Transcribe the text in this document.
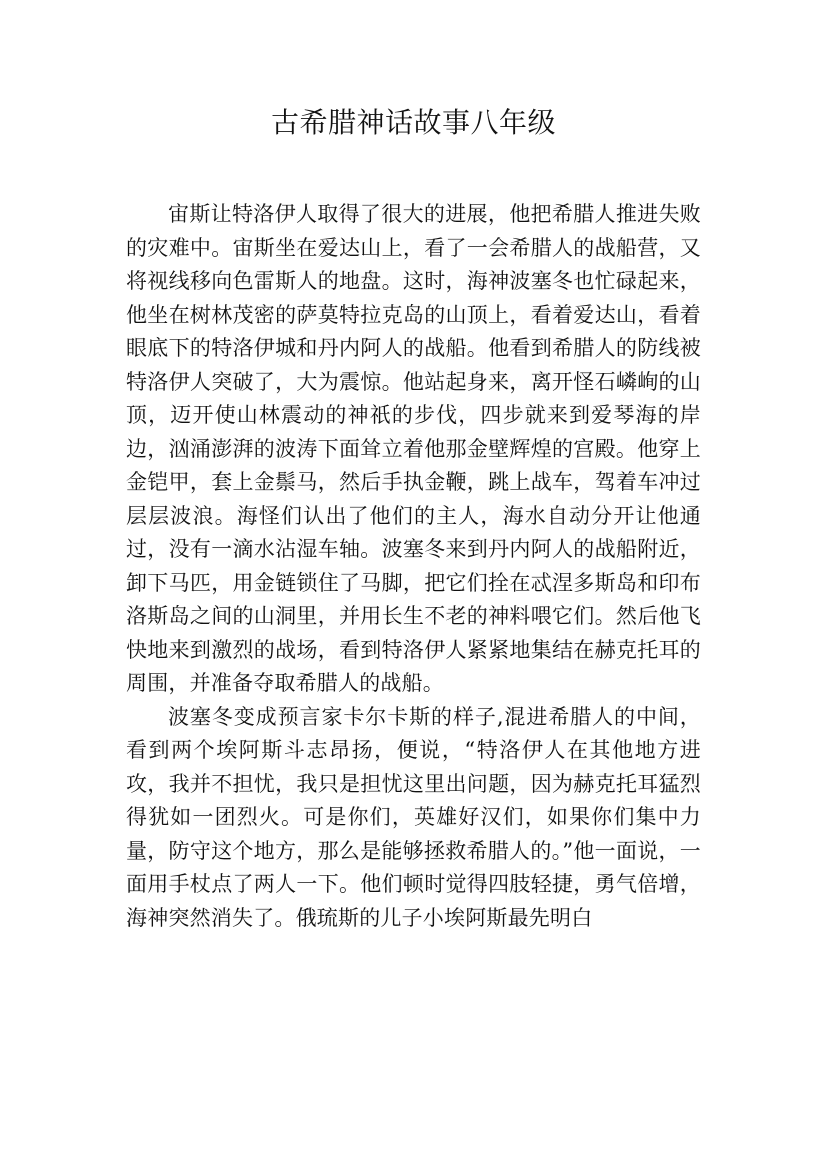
古希腊神话故事八年级

宙斯让特洛伊人取得了很大的进展，他把希腊人推进失败的灾难中。宙斯坐在爱达山上，看了一会希腊人的战船营，又将视线移向色雷斯人的地盘。这时，海神波塞冬也忙碌起来，他坐在树林茂密的萨莫特拉克岛的山顶上，看着爱达山，看着眼底下的特洛伊城和丹内阿人的战船。他看到希腊人的防线被特洛伊人突破了，大为震惊。他站起身来，离开怪石嶙峋的山顶，迈开使山林震动的神祇的步伐，四步就来到爱琴海的岸边，汹涌澎湃的波涛下面耸立着他那金壁辉煌的宫殿。他穿上金铠甲，套上金鬃马，然后手执金鞭，跳上战车，驾着车冲过层层波浪。海怪们认出了他们的主人，海水自动分开让他通过，没有一滴水沾湿车轴。波塞冬来到丹内阿人的战船附近，卸下马匹，用金链锁住了马脚，把它们拴在忒涅多斯岛和印布洛斯岛之间的山洞里，并用长生不老的神料喂它们。然后他飞快地来到激烈的战场，看到特洛伊人紧紧地集结在赫克托耳的周围，并准备夺取希腊人的战船。

波塞冬变成预言家卡尔卡斯的样子,混进希腊人的中间，看到两个埃阿斯斗志昂扬，便说，“特洛伊人在其他地方进攻，我并不担忧，我只是担忧这里出问题，因为赫克托耳猛烈得犹如一团烈火。可是你们，英雄好汉们，如果你们集中力量，防守这个地方，那么是能够拯救希腊人的。”他一面说，一面用手杖点了两人一下。他们顿时觉得四肢轻捷，勇气倍增，海神突然消失了。俄琉斯的儿子小埃阿斯最先明白
